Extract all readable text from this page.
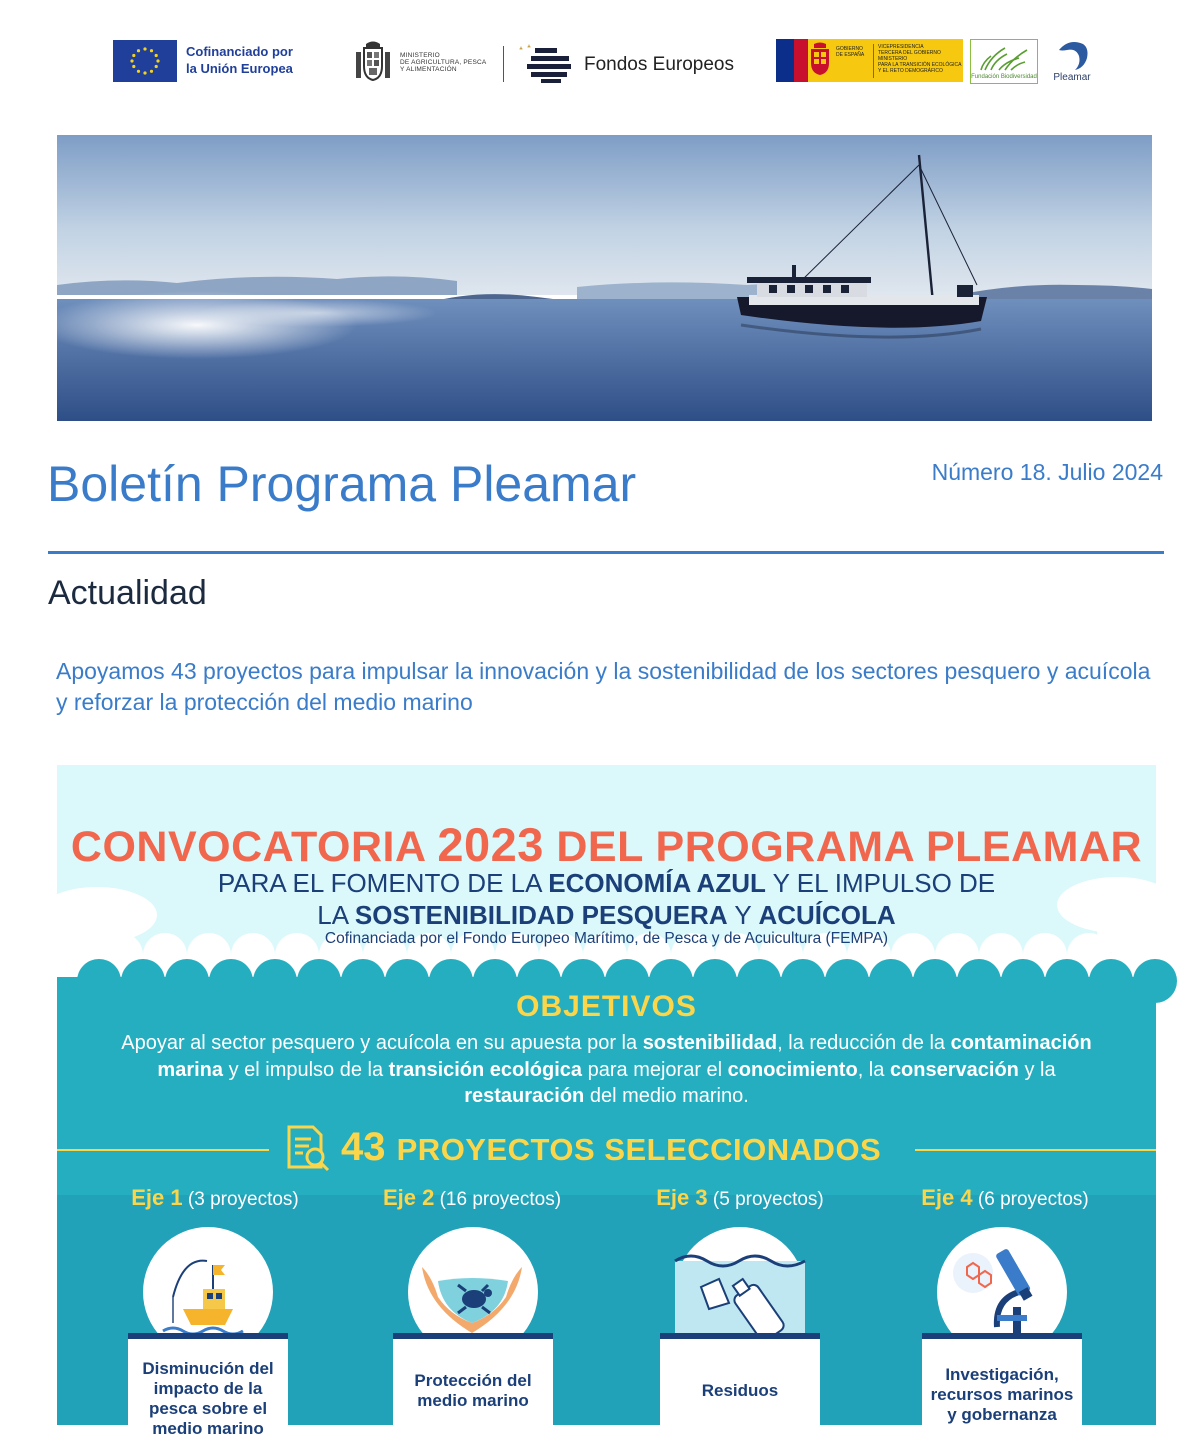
Cofinanciado por
la Unión Europea
MINISTERIO
DE AGRICULTURA, PESCA
Y ALIMENTACIÓN	Fondos Europeos
GOBIERNO
DE ESPAÑA
VICEPRESIDENCIA
TERCERA DEL GOBIERNO
MINISTERIO
PARA LA TRANSICIÓN ECOLÓGICA
Y EL RETO DEMOGRÁFICO
Fundación Biodiversidad	Pleamar
Boletín Programa Pleamar	Número 18. Julio 2024
Actualidad
Apoyamos 43 proyectos para impulsar la innovación y la sostenibilidad de los sectores pesquero y acuícola y reforzar la protección del medio marino
CONVOCATORIA 2023 DEL PROGRAMA PLEAMAR
PARA EL FOMENTO DE LA ECONOMÍA AZUL Y EL IMPULSO DE
LA SOSTENIBILIDAD PESQUERA Y ACUÍCOLA
Cofinanciada por el Fondo Europeo Marítimo, de Pesca y de Acuicultura (FEMPA)
OBJETIVOS
Apoyar al sector pesquero y acuícola en su apuesta por la sostenibilidad, la reducción de la contaminación marina y el impulso de la transición ecológica para mejorar el conocimiento, la conservación y la restauración del medio marino.
43 PROYECTOS SELECCIONADOS
Eje 1 (3 proyectos)
Disminución del
impacto de la
pesca sobre el
medio marino
Eje 2 (16 proyectos)
Protección del
medio marino
Eje 3 (5 proyectos)
Residuos
Eje 4 (6 proyectos)
Investigación,
recursos marinos
y gobernanza
